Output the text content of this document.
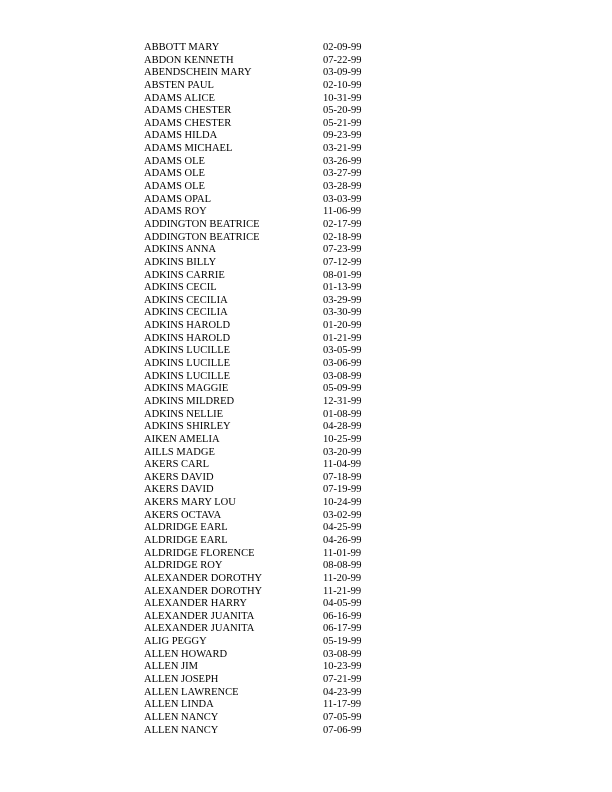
ABBOTT MARY	02-09-99
ABDON KENNETH	07-22-99
ABENDSCHEIN MARY	03-09-99
ABSTEN PAUL	02-10-99
ADAMS ALICE	10-31-99
ADAMS CHESTER	05-20-99
ADAMS CHESTER	05-21-99
ADAMS HILDA	09-23-99
ADAMS MICHAEL	03-21-99
ADAMS OLE	03-26-99
ADAMS OLE	03-27-99
ADAMS OLE	03-28-99
ADAMS OPAL	03-03-99
ADAMS ROY	11-06-99
ADDINGTON BEATRICE	02-17-99
ADDINGTON BEATRICE	02-18-99
ADKINS ANNA	07-23-99
ADKINS BILLY	07-12-99
ADKINS CARRIE	08-01-99
ADKINS CECIL	01-13-99
ADKINS CECILIA	03-29-99
ADKINS CECILIA	03-30-99
ADKINS HAROLD	01-20-99
ADKINS HAROLD	01-21-99
ADKINS LUCILLE	03-05-99
ADKINS LUCILLE	03-06-99
ADKINS LUCILLE	03-08-99
ADKINS MAGGIE	05-09-99
ADKINS MILDRED	12-31-99
ADKINS NELLIE	01-08-99
ADKINS SHIRLEY	04-28-99
AIKEN AMELIA	10-25-99
AILLS MADGE	03-20-99
AKERS CARL	11-04-99
AKERS DAVID	07-18-99
AKERS DAVID	07-19-99
AKERS MARY LOU	10-24-99
AKERS OCTAVA	03-02-99
ALDRIDGE EARL	04-25-99
ALDRIDGE EARL	04-26-99
ALDRIDGE FLORENCE	11-01-99
ALDRIDGE ROY	08-08-99
ALEXANDER DOROTHY	11-20-99
ALEXANDER DOROTHY	11-21-99
ALEXANDER HARRY	04-05-99
ALEXANDER JUANITA	06-16-99
ALEXANDER JUANITA	06-17-99
ALIG PEGGY	05-19-99
ALLEN HOWARD	03-08-99
ALLEN JIM	10-23-99
ALLEN JOSEPH	07-21-99
ALLEN LAWRENCE	04-23-99
ALLEN LINDA	11-17-99
ALLEN NANCY	07-05-99
ALLEN NANCY	07-06-99
